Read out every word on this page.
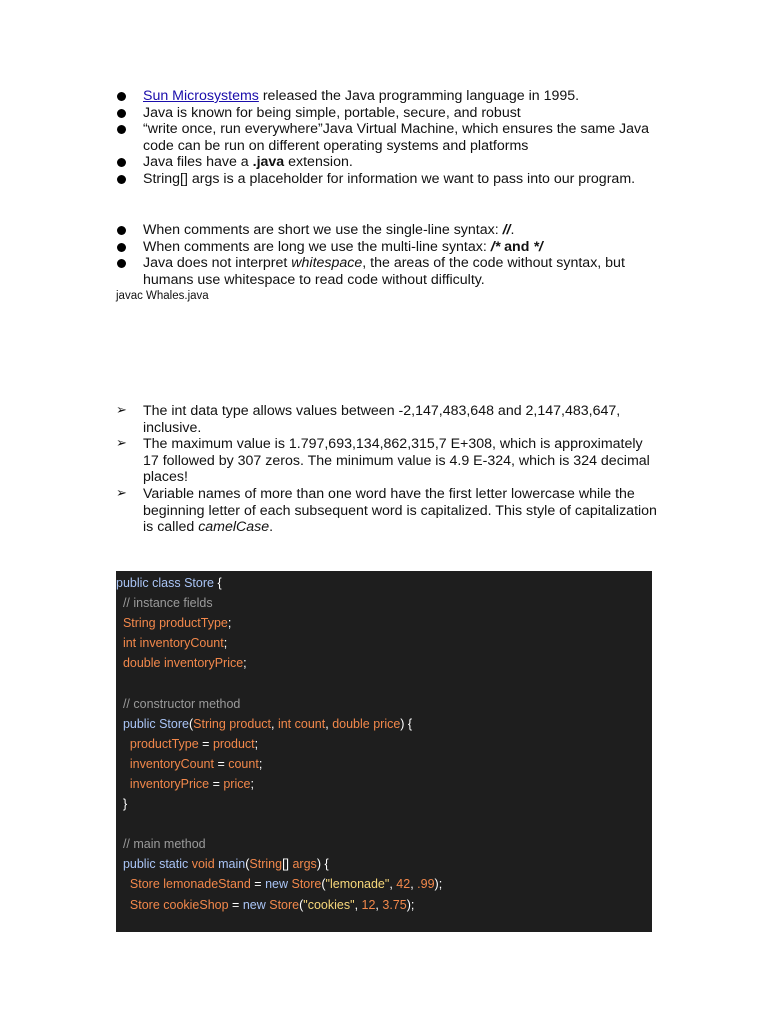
Sun Microsystems released the Java programming language in 1995.
Java is known for being simple, portable, secure, and robust
“write once, run everywhere”Java Virtual Machine, which ensures the same Java code can be run on different operating systems and platforms
Java files have a .java extension.
String[] args is a placeholder for information we want to pass into our program.
When comments are short we use the single-line syntax: //.
When comments are long we use the multi-line syntax: /* and */
Java does not interpret whitespace, the areas of the code without syntax, but humans use whitespace to read code without difficulty.
javac Whales.java
➢ The int data type allows values between -2,147,483,648 and 2,147,483,647, inclusive.
➢ The maximum value is 1.797,693,134,862,315,7 E+308, which is approximately 17 followed by 307 zeros. The minimum value is 4.9 E-324, which is 324 decimal places!
➢ Variable names of more than one word have the first letter lowercase while the beginning letter of each subsequent word is capitalized. This style of capitalization is called camelCase.
public class Store {
// instance fields
String productType;
int inventoryCount;
double inventoryPrice;

// constructor method
public Store(String product, int count, double price) {
productType = product;
inventoryCount = count;
inventoryPrice = price;
}

// main method
public static void main(String[] args) {
Store lemonadeStand = new Store("lemonade", 42, .99);
Store cookieShop = new Store("cookies", 12, 3.75);
